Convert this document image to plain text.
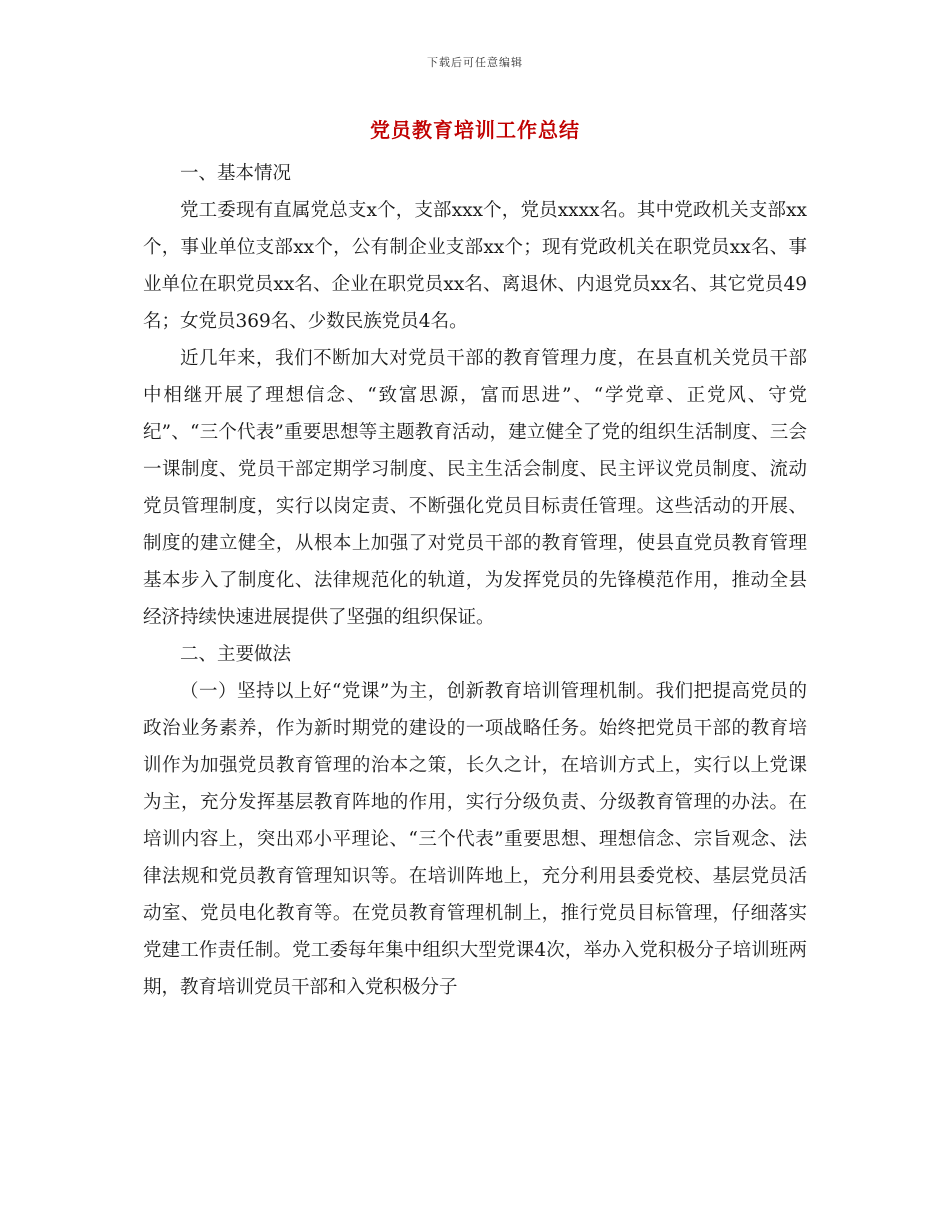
下载后可任意编辑
党员教育培训工作总结

一、基本情况

党工委现有直属党总支x个，支部xxx个，党员xxxx名。其中党政机关支部xx个，事业单位支部xx个，公有制企业支部xx个；现有党政机关在职党员xx名、事业单位在职党员xx名、企业在职党员xx名、离退休、内退党员xx名、其它党员49名；女党员369名、少数民族党员4名。

近几年来，我们不断加大对党员干部的教育管理力度，在县直机关党员干部中相继开展了理想信念、“致富思源，富而思进”、“学党章、正党风、守党纪”、“三个代表”重要思想等主题教育活动，建立健全了党的组织生活制度、三会一课制度、党员干部定期学习制度、民主生活会制度、民主评议党员制度、流动党员管理制度，实行以岗定责、不断强化党员目标责任管理。这些活动的开展、制度的建立健全，从根本上加强了对党员干部的教育管理，使县直党员教育管理基本步入了制度化、法律规范化的轨道，为发挥党员的先锋模范作用，推动全县经济持续快速进展提供了坚强的组织保证。

二、主要做法

（一）坚持以上好“党课”为主，创新教育培训管理机制。我们把提高党员的政治业务素养，作为新时期党的建设的一项战略任务。始终把党员干部的教育培训作为加强党员教育管理的治本之策，长久之计，在培训方式上，实行以上党课为主，充分发挥基层教育阵地的作用，实行分级负责、分级教育管理的办法。在培训内容上，突出邓小平理论、“三个代表”重要思想、理想信念、宗旨观念、法律法规和党员教育管理知识等。在培训阵地上，充分利用县委党校、基层党员活动室、党员电化教育等。在党员教育管理机制上，推行党员目标管理，仔细落实党建工作责任制。党工委每年集中组织大型党课4次，举办入党积极分子培训班两期，教育培训党员干部和入党积极分子
